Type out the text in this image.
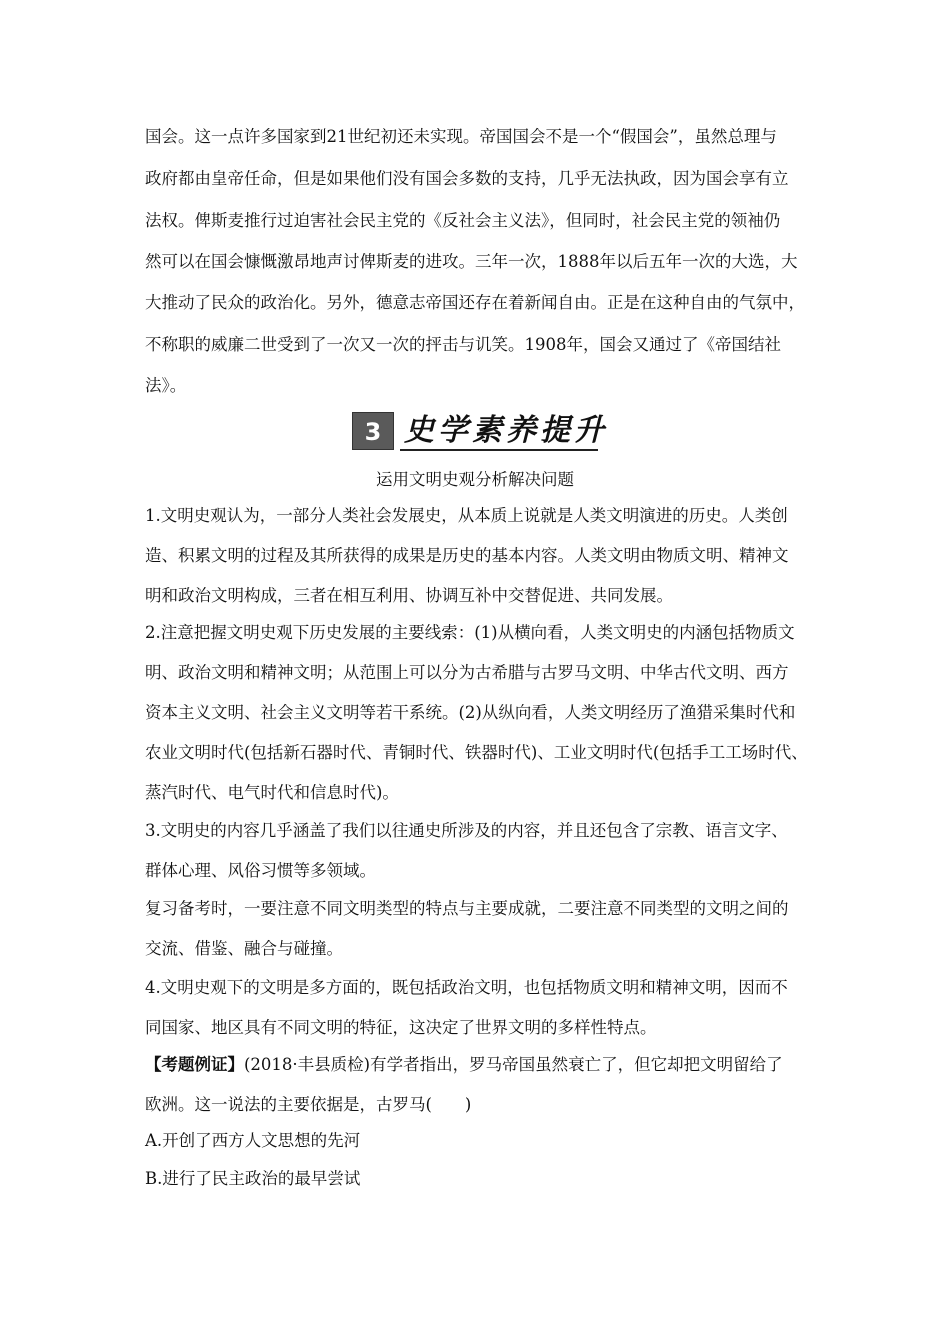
国会。这一点许多国家到21世纪初还未实现。帝国国会不是一个“假国会”，虽然总理与
政府都由皇帝任命，但是如果他们没有国会多数的支持，几乎无法执政，因为国会享有立
法权。俾斯麦推行过迫害社会民主党的《反社会主义法》，但同时，社会民主党的领袖仍
然可以在国会慷慨激昂地声讨俾斯麦的进攻。三年一次，1888年以后五年一次的大选，大
大推动了民众的政治化。另外，德意志帝国还存在着新闻自由。正是在这种自由的气氛中，
不称职的威廉二世受到了一次又一次的抨击与讥笑。1908年，国会又通过了《帝国结社
法》。
3 史学素养提升
运用文明史观分析解决问题
1.文明史观认为，一部分人类社会发展史，从本质上说就是人类文明演进的历史。人类创
造、积累文明的过程及其所获得的成果是历史的基本内容。人类文明由物质文明、精神文
明和政治文明构成，三者在相互利用、协调互补中交替促进、共同发展。
2.注意把握文明史观下历史发展的主要线索：(1)从横向看，人类文明史的内涵包括物质文
明、政治文明和精神文明；从范围上可以分为古希腊与古罗马文明、中华古代文明、西方
资本主义文明、社会主义文明等若干系统。(2)从纵向看，人类文明经历了渔猎采集时代和
农业文明时代(包括新石器时代、青铜时代、铁器时代)、工业文明时代(包括手工工场时代、
蒸汽时代、电气时代和信息时代)。
3.文明史的内容几乎涵盖了我们以往通史所涉及的内容，并且还包含了宗教、语言文字、
群体心理、风俗习惯等多领域。
复习备考时，一要注意不同文明类型的特点与主要成就，二要注意不同类型的文明之间的
交流、借鉴、融合与碰撞。
4.文明史观下的文明是多方面的，既包括政治文明，也包括物质文明和精神文明，因而不
同国家、地区具有不同文明的特征，这决定了世界文明的多样性特点。
【考题例证】(2018·丰县质检)有学者指出，罗马帝国虽然衰亡了，但它却把文明留给了
欧洲。这一说法的主要依据是，古罗马(　　)
A.开创了西方人文思想的先河
B.进行了民主政治的最早尝试
